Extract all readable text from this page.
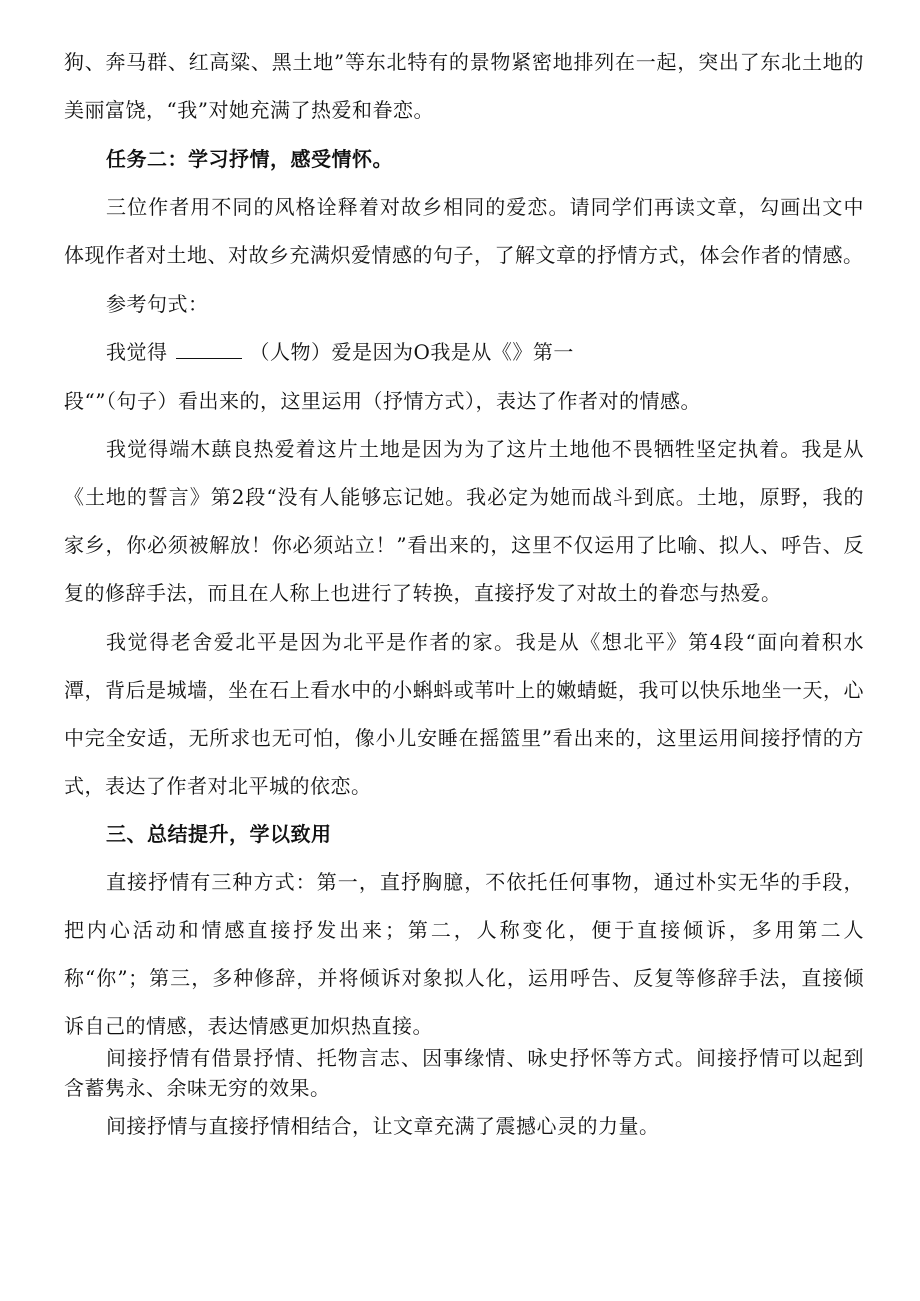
狗、奔马群、红高粱、黑土地”等东北特有的景物紧密地排列在一起，突出了东北土地的美丽富饶，“我”对她充满了热爱和眷恋。

任务二：学习抒情，感受情怀。

三位作者用不同的风格诠释着对故乡相同的爱恋。请同学们再读文章，勾画出文中体现作者对土地、对故乡充满炽爱情感的句子，了解文章的抒情方式，体会作者的情感。

参考句式：

我觉得	（人物）爱是因为O我是从《》第一

段“”（句子）看出来的，这里运用（抒情方式），表达了作者对的情感。

我觉得端木蕻良热爱着这片土地是因为为了这片土地他不畏牺牲坚定执着。我是从《土地的誓言》第2段“没有人能够忘记她。我必定为她而战斗到底。土地，原野，我的家乡，你必须被解放！你必须站立！”看出来的，这里不仅运用了比喻、拟人、呼告、反复的修辞手法，而且在人称上也进行了转换，直接抒发了对故土的眷恋与热爱。

我觉得老舍爱北平是因为北平是作者的家。我是从《想北平》第4段“面向着积水潭，背后是城墙，坐在石上看水中的小蝌蚪或苇叶上的嫩蜻蜓，我可以快乐地坐一天，心中完全安适，无所求也无可怕，像小儿安睡在摇篮里”看出来的，这里运用间接抒情的方式，表达了作者对北平城的依恋。

三、总结提升，学以致用

直接抒情有三种方式：第一，直抒胸臆，不依托任何事物，通过朴实无华的手段，把内心活动和情感直接抒发出来；第二，人称变化，便于直接倾诉，多用第二人称“你”；第三，多种修辞，并将倾诉对象拟人化，运用呼告、反复等修辞手法，直接倾诉自己的情感，表达情感更加炽热直接。

间接抒情有借景抒情、托物言志、因事缘情、咏史抒怀等方式。间接抒情可以起到含蓄隽永、余味无穷的效果。

间接抒情与直接抒情相结合，让文章充满了震撼心灵的力量。
